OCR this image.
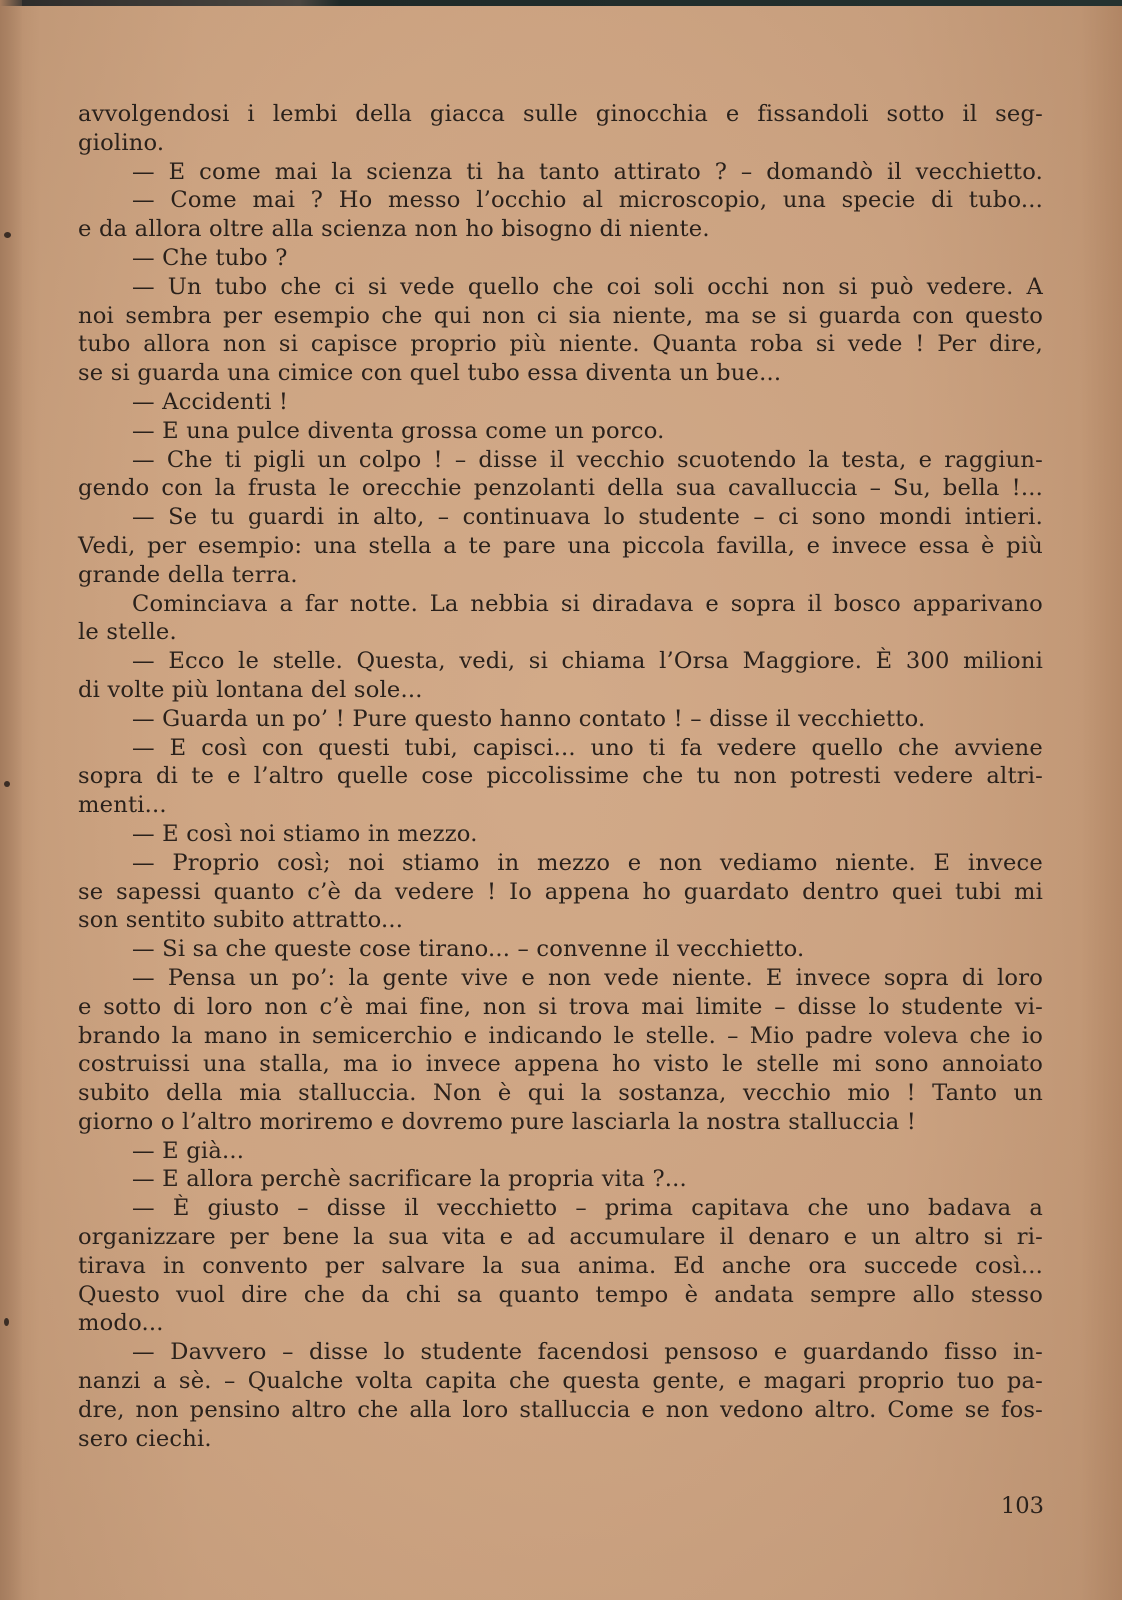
avvolgendosi i lembi della giacca sulle ginocchia e fissandoli sotto il seg-
giolino.
— E come mai la scienza ti ha tanto attirato ? – domandò il vecchietto.
— Come mai ? Ho messo l’occhio al microscopio, una specie di tubo...
e da allora oltre alla scienza non ho bisogno di niente.
— Che tubo ?
— Un tubo che ci si vede quello che coi soli occhi non si può vedere. A
noi sembra per esempio che qui non ci sia niente, ma se si guarda con questo
tubo allora non si capisce proprio più niente. Quanta roba si vede ! Per dire,
se si guarda una cimice con quel tubo essa diventa un bue...
— Accidenti !
— E una pulce diventa grossa come un porco.
— Che ti pigli un colpo ! – disse il vecchio scuotendo la testa, e raggiun-
gendo con la frusta le orecchie penzolanti della sua cavalluccia – Su, bella !...
— Se tu guardi in alto, – continuava lo studente – ci sono mondi intieri.
Vedi, per esempio: una stella a te pare una piccola favilla, e invece essa è più
grande della terra.
Cominciava a far notte. La nebbia si diradava e sopra il bosco apparivano
le stelle.
— Ecco le stelle. Questa, vedi, si chiama l’Orsa Maggiore. È 300 milioni
di volte più lontana del sole...
— Guarda un po’ ! Pure questo hanno contato ! – disse il vecchietto.
— E così con questi tubi, capisci... uno ti fa vedere quello che avviene
sopra di te e l’altro quelle cose piccolissime che tu non potresti vedere altri-
menti...
— E così noi stiamo in mezzo.
— Proprio così; noi stiamo in mezzo e non vediamo niente. E invece
se sapessi quanto c’è da vedere ! Io appena ho guardato dentro quei tubi mi
son sentito subito attratto...
— Si sa che queste cose tirano... – convenne il vecchietto.
— Pensa un po’: la gente vive e non vede niente. E invece sopra di loro
e sotto di loro non c’è mai fine, non si trova mai limite – disse lo studente vi-
brando la mano in semicerchio e indicando le stelle. – Mio padre voleva che io
costruissi una stalla, ma io invece appena ho visto le stelle mi sono annoiato
subito della mia stalluccia. Non è qui la sostanza, vecchio mio ! Tanto un
giorno o l’altro moriremo e dovremo pure lasciarla la nostra stalluccia !
— E già...
— E allora perchè sacrificare la propria vita ?...
— È giusto – disse il vecchietto – prima capitava che uno badava a
organizzare per bene la sua vita e ad accumulare il denaro e un altro si ri-
tirava in convento per salvare la sua anima. Ed anche ora succede così...
Questo vuol dire che da chi sa quanto tempo è andata sempre allo stesso
modo...
— Davvero – disse lo studente facendosi pensoso e guardando fisso in-
nanzi a sè. – Qualche volta capita che questa gente, e magari proprio tuo pa-
dre, non pensino altro che alla loro stalluccia e non vedono altro. Come se fos-
sero ciechi.
103
